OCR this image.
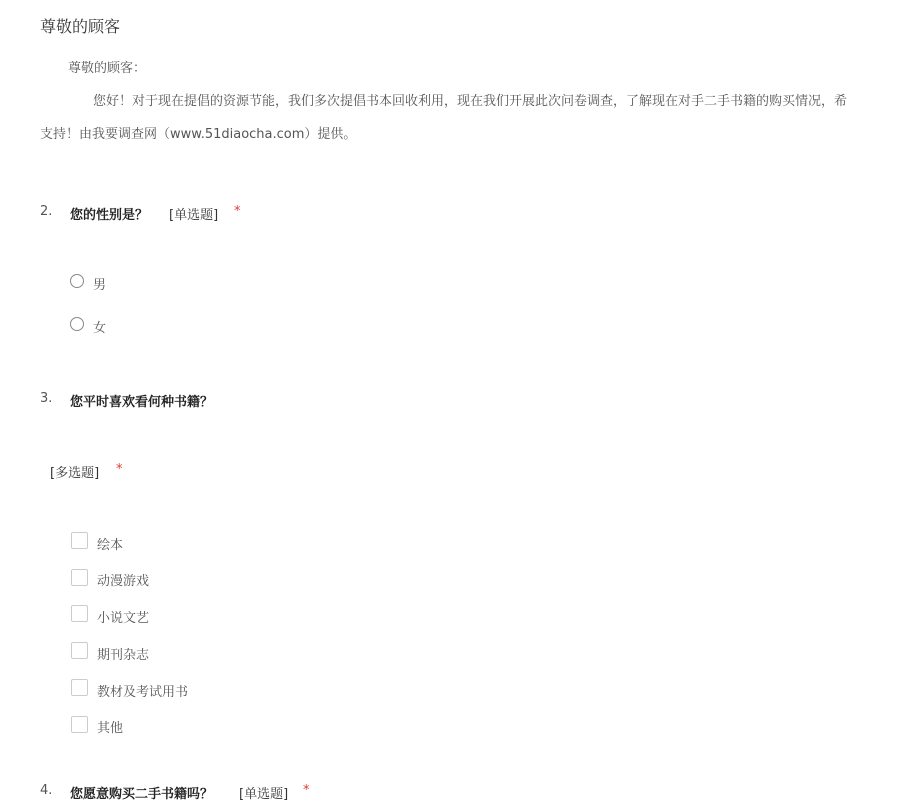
尊敬的顾客
尊敬的顾客：
您好！对于现在提倡的资源节能，我们多次提倡书本回收利用，现在我们开展此次问卷调查，了解现在对手二手书籍的购买情况，希
支持！由我要调查网（www.51diaocha.com）提供。
2. 您的性别是？ [单选题] *
男
女
3. 您平时喜欢看何种书籍？
[多选题] *
绘本
动漫游戏
小说文艺
期刊杂志
教材及考试用书
其他
4. 您愿意购买二手书籍吗？ [单选题] *
